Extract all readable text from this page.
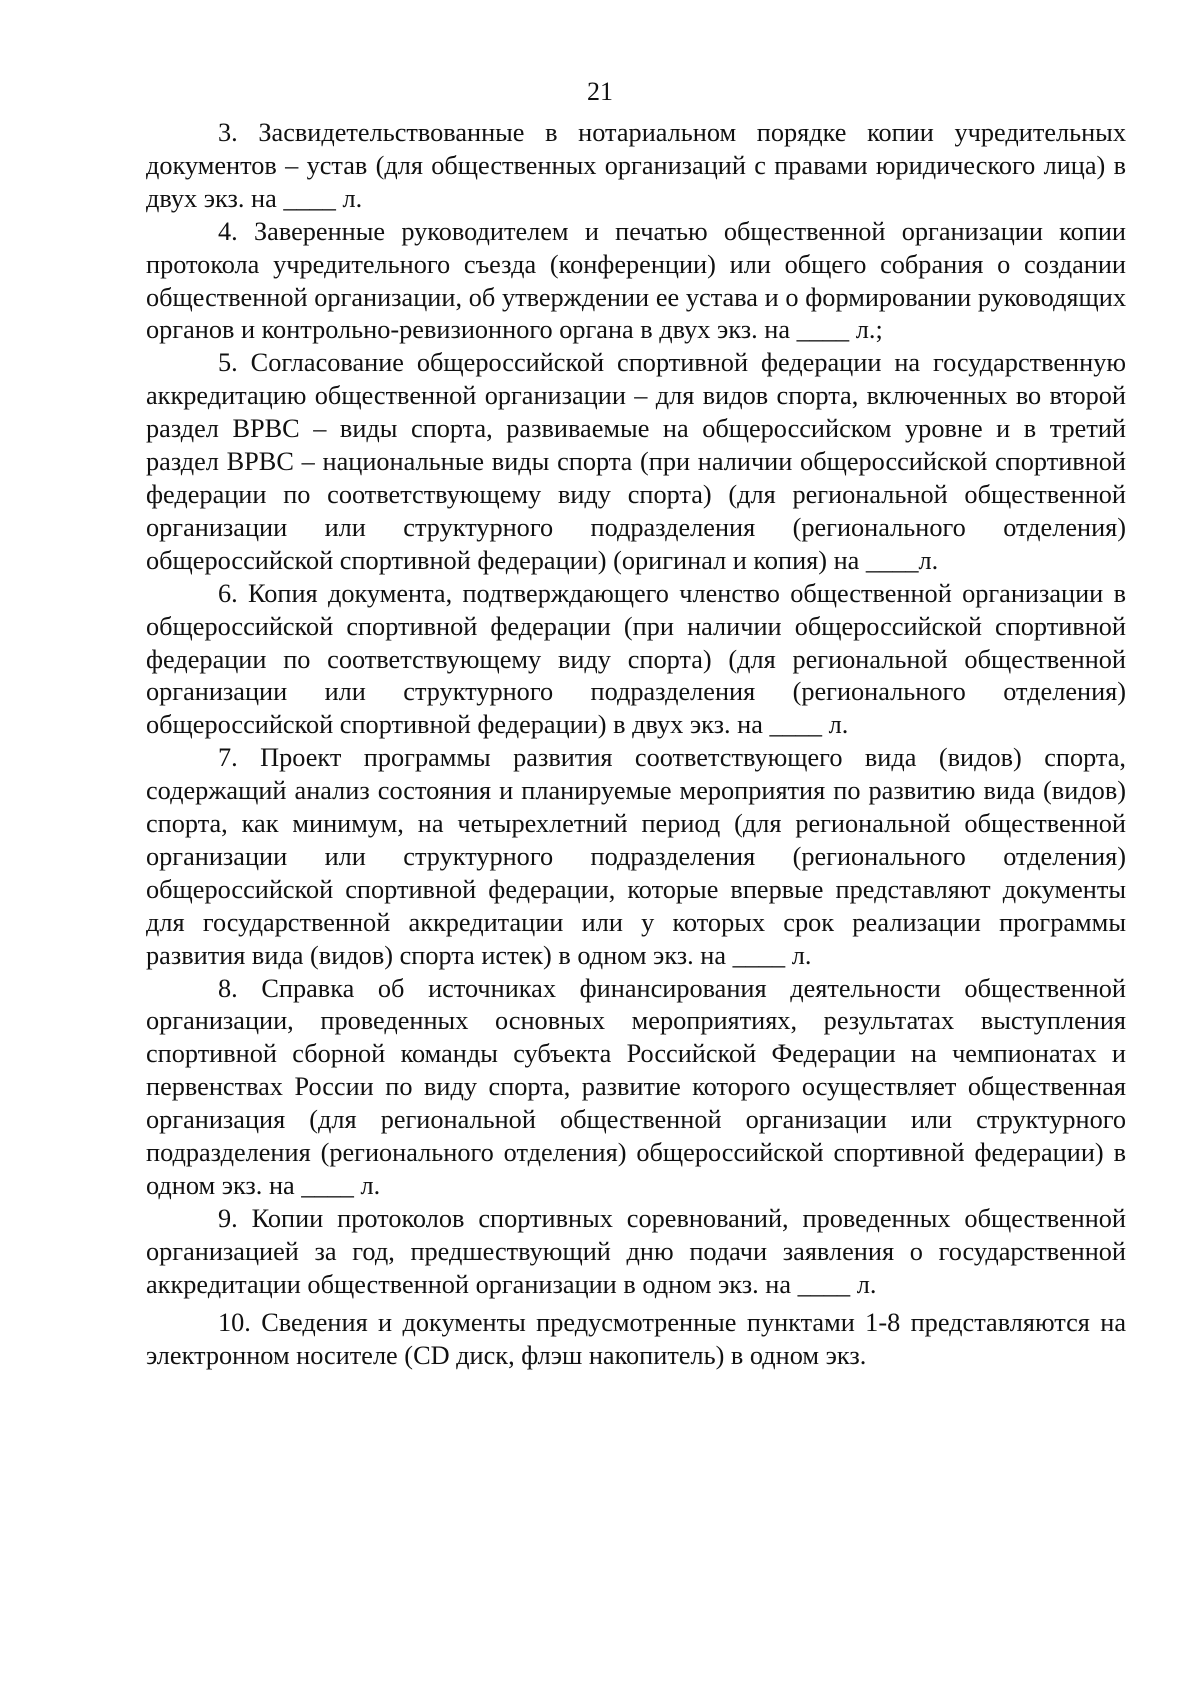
21

3. Засвидетельствованные в нотариальном порядке копии учредительных документов – устав (для общественных организаций с правами юридического лица) в двух экз. на ____ л.

4. Заверенные руководителем и печатью общественной организации копии протокола учредительного съезда (конференции) или общего собрания о создании общественной организации, об утверждении ее устава и о формировании руководящих органов и контрольно-ревизионного органа в двух экз. на ____ л.;

5. Согласование общероссийской спортивной федерации на государственную аккредитацию общественной организации – для видов спорта, включенных во второй раздел ВРВС – виды спорта, развиваемые на общероссийском уровне и в третий раздел ВРВС – национальные виды спорта (при наличии общероссийской спортивной федерации по соответствующему виду спорта) (для региональной общественной организации или структурного подразделения (регионального отделения) общероссийской спортивной федерации) (оригинал и копия) на ____л.

6. Копия документа, подтверждающего членство общественной организации в общероссийской спортивной федерации (при наличии общероссийской спортивной федерации по соответствующему виду спорта) (для региональной общественной организации или структурного подразделения (регионального отделения) общероссийской спортивной федерации) в двух экз. на ____ л.

7. Проект программы развития соответствующего вида (видов) спорта, содержащий анализ состояния и планируемые мероприятия по развитию вида (видов) спорта, как минимум, на четырехлетний период (для региональной общественной организации или структурного подразделения (регионального отделения) общероссийской спортивной федерации, которые впервые представляют документы для государственной аккредитации или у которых срок реализации программы развития вида (видов) спорта истек) в одном экз. на ____ л.

8. Справка об источниках финансирования деятельности общественной организации, проведенных основных мероприятиях, результатах выступления спортивной сборной команды субъекта Российской Федерации на чемпионатах и первенствах России по виду спорта, развитие которого осуществляет общественная организация (для региональной общественной организации или структурного подразделения (регионального отделения) общероссийской спортивной федерации) в одном экз. на ____ л.

9. Копии протоколов спортивных соревнований, проведенных общественной организацией за год, предшествующий дню подачи заявления о государственной аккредитации общественной организации в одном экз. на ____ л.

10. Сведения и документы предусмотренные пунктами 1-8 представляются на электронном носителе (CD диск, флэш накопитель) в одном экз.
